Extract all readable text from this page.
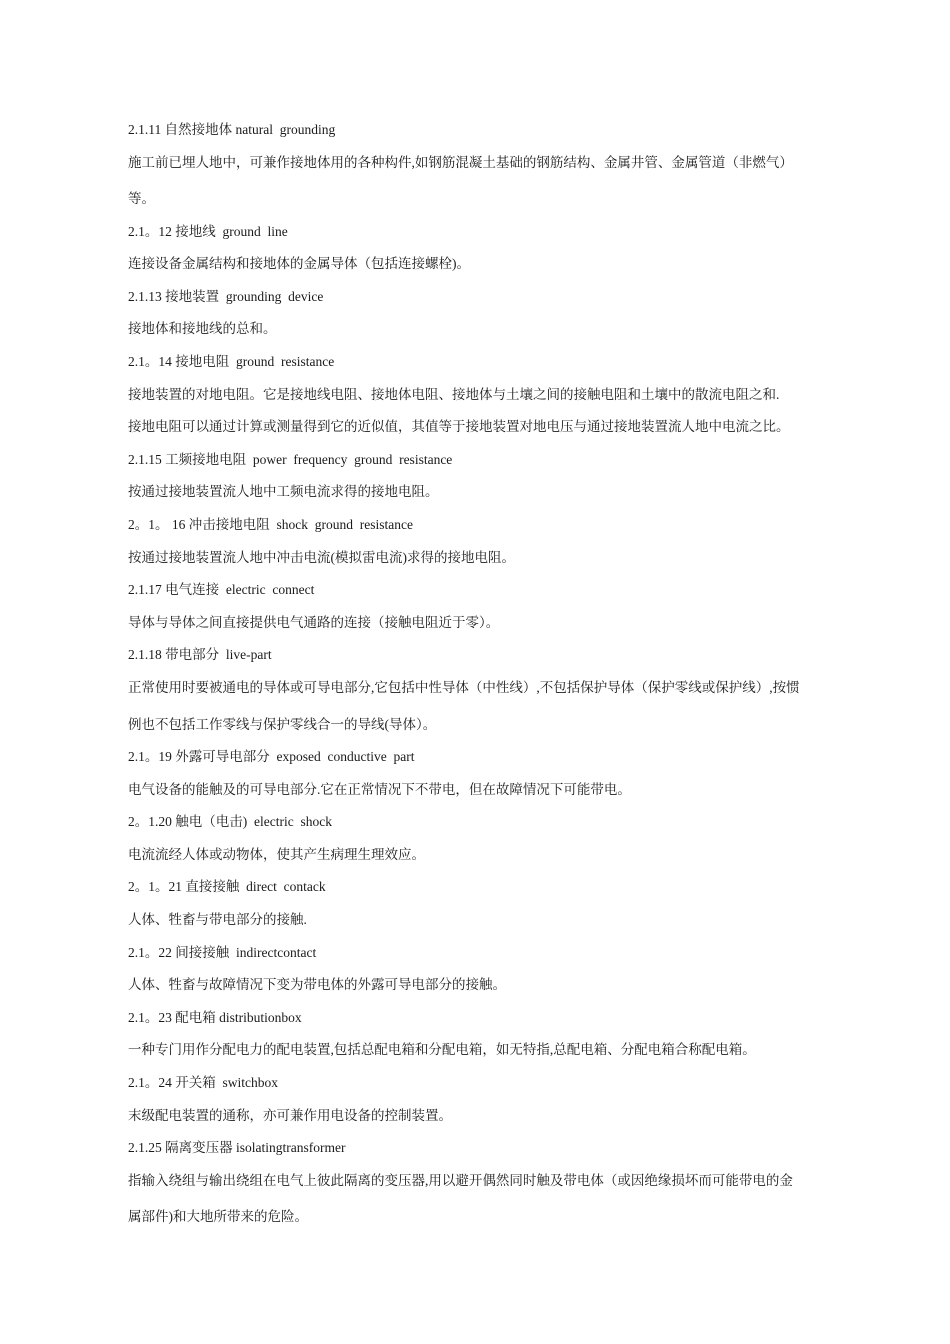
2.1.11 自然接地体 natural  grounding

施工前已埋人地中，可兼作接地体用的各种构件,如钢筋混凝土基础的钢筋结构、金属井管、金属管道（非燃气）

等。

2.1。12 接地线  ground  line

连接设备金属结构和接地体的金属导体（包括连接螺栓)。

2.1.13 接地装置  grounding  device

接地体和接地线的总和。

2.1。14 接地电阻  ground  resistance

接地装置的对地电阻。它是接地线电阻、接地体电阻、接地体与土壤之间的接触电阻和土壤中的散流电阻之和.

接地电阻可以通过计算或测量得到它的近似值，其值等于接地装置对地电压与通过接地装置流人地中电流之比。

2.1.15 工频接地电阻  power  frequency  ground  resistance

按通过接地装置流人地中工频电流求得的接地电阻。

2。1。 16 冲击接地电阻  shock  ground  resistance

按通过接地装置流人地中冲击电流(模拟雷电流)求得的接地电阻。

2.1.17 电气连接  electric  connect

导体与导体之间直接提供电气通路的连接（接触电阻近于零）。

2.1.18 带电部分  live-part

正常使用时要被通电的导体或可导电部分,它包括中性导体（中性线）,不包括保护导体（保护零线或保护线）,按惯

例也不包括工作零线与保护零线合一的导线(导体）。

2.1。19 外露可导电部分  exposed  conductive  part

电气设备的能触及的可导电部分.它在正常情况下不带电，但在故障情况下可能带电。

2。1.20 触电（电击)  electric  shock

电流流经人体或动物体，使其产生病理生理效应。

2。1。21 直接接触  direct  contack

人体、牲畜与带电部分的接触.

2.1。22 间接接触  indirectcontact

人体、牲畜与故障情况下变为带电体的外露可导电部分的接触。

2.1。23 配电箱 distributionbox

一种专门用作分配电力的配电装置,包括总配电箱和分配电箱，如无特指,总配电箱、分配电箱合称配电箱。

2.1。24 开关箱  switchbox

末级配电装置的通称，亦可兼作用电设备的控制装置。

2.1.25 隔离变压器 isolatingtransformer

指输入绕组与输出绕组在电气上彼此隔离的变压器,用以避开偶然同时触及带电体（或因绝缘损坏而可能带电的金

属部件)和大地所带来的危险。
